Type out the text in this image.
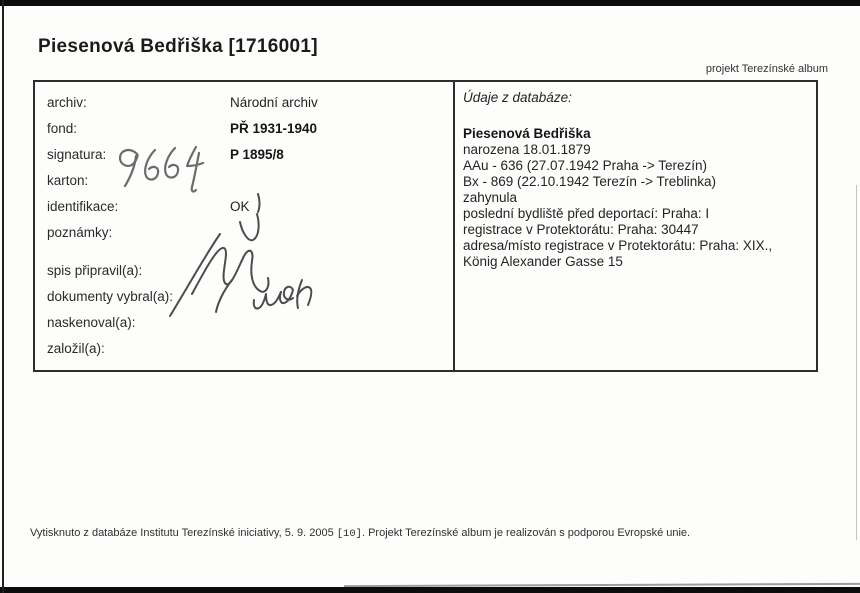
Piesenová Bedřiška [1716001]
projekt Terezínské album
archiv:	Národní archiv
fond:	PŘ 1931-1940
signatura:	P 1895/8
karton:
identifikace:	OK
poznámky:
spis připravil(a):
dokumenty vybral(a):
naskenoval(a):
založil(a):
Údaje z databáze:
Piesenová Bedřiška
narozena 18.01.1879
AAu - 636 (27.07.1942 Praha -> Terezín)
Bx - 869 (22.10.1942 Terezín -> Treblinka)
zahynula
poslední bydliště před deportací: Praha: I
registrace v Protektorátu: Praha: 30447
adresa/místo registrace v Protektorátu: Praha: XIX., König Alexander Gasse 15
Vytisknuto z databáze Institutu Terezínské iniciativy, 5. 9. 2005 [10]. Projekt Terezínské album je realizován s podporou Evropské unie.
